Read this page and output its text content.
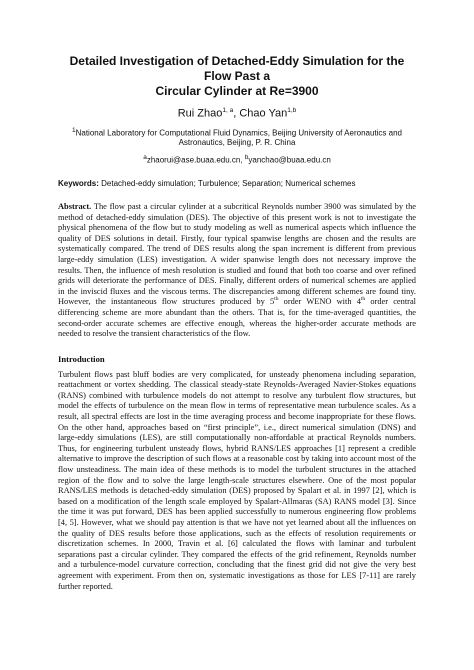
Detailed Investigation of Detached-Eddy Simulation for the Flow Past a
Circular Cylinder at Re=3900
Rui Zhao$^{1, a}$, Chao Yan$^{1,b}$
$^1$National Laboratory for Computational Fluid Dynamics, Beijing University of Aeronautics and
Astronautics, Beijing, P. R. China
$^a$zhaorui@ase.buaa.edu.cn, $^b$yanchao@buaa.edu.cn
Keywords: Detached-eddy simulation; Turbulence; Separation; Numerical schemes

Abstract. The flow past a circular cylinder at a subcritical Reynolds number 3900 was simulated by the method of detached-eddy simulation (DES). The objective of this present work is not to investigate the physical phenomena of the flow but to study modeling as well as numerical aspects which influence the quality of DES solutions in detail. Firstly, four typical spanwise lengths are chosen and the results are systematically compared. The trend of DES results along the span increment is different from previous large-eddy simulation (LES) investigation. A wider spanwise length does not necessary improve the results. Then, the influence of mesh resolution is studied and found that both too coarse and over refined grids will deteriorate the performance of DES. Finally, different orders of numerical schemes are applied in the inviscid fluxes and the viscous terms. The discrepancies among different schemes are found tiny. However, the instantaneous flow structures produced by 5th order WENO with 4th order central differencing scheme are more abundant than the others. That is, for the time-averaged quantities, the second-order accurate schemes are effective enough, whereas the higher-order accurate methods are needed to resolve the transient characteristics of the flow.

Introduction

Turbulent flows past bluff bodies are very complicated, for unsteady phenomena including separation, reattachment or vortex shedding. The classical steady-state Reynolds-Averaged Navier-Stokes equations (RANS) combined with turbulence models do not attempt to resolve any turbulent flow structures, but model the effects of turbulence on the mean flow in terms of representative mean turbulence scales. As a result, all spectral effects are lost in the time averaging process and become inappropriate for these flows. On the other hand, approaches based on “first principle”, i.e., direct numerical simulation (DNS) and large-eddy simulations (LES), are still computationally non-affordable at practical Reynolds numbers. Thus, for engineering turbulent unsteady flows, hybrid RANS/LES approaches [1] represent a credible alternative to improve the description of such flows at a reasonable cost by taking into account most of the flow unsteadiness. The main idea of these methods is to model the turbulent structures in the attached region of the flow and to solve the large length-scale structures elsewhere. One of the most popular RANS/LES methods is detached-eddy simulation (DES) proposed by Spalart et al. in 1997 [2], which is based on a modification of the length scale employed by Spalart-Allmaras (SA) RANS model [3]. Since the time it was put forward, DES has been applied successfully to numerous engineering flow problems [4, 5]. However, what we should pay attention is that we have not yet learned about all the influences on the quality of DES results before those applications, such as the effects of resolution requirements or discretization schemes. In 2000, Travin et al. [6] calculated the flows with laminar and turbulent separations past a circular cylinder. They compared the effects of the grid refinement, Reynolds number and a turbulence-model curvature correction, concluding that the finest grid did not give the very best agreement with experiment. From then on, systematic investigations as those for LES [7-11] are rarely further reported.
